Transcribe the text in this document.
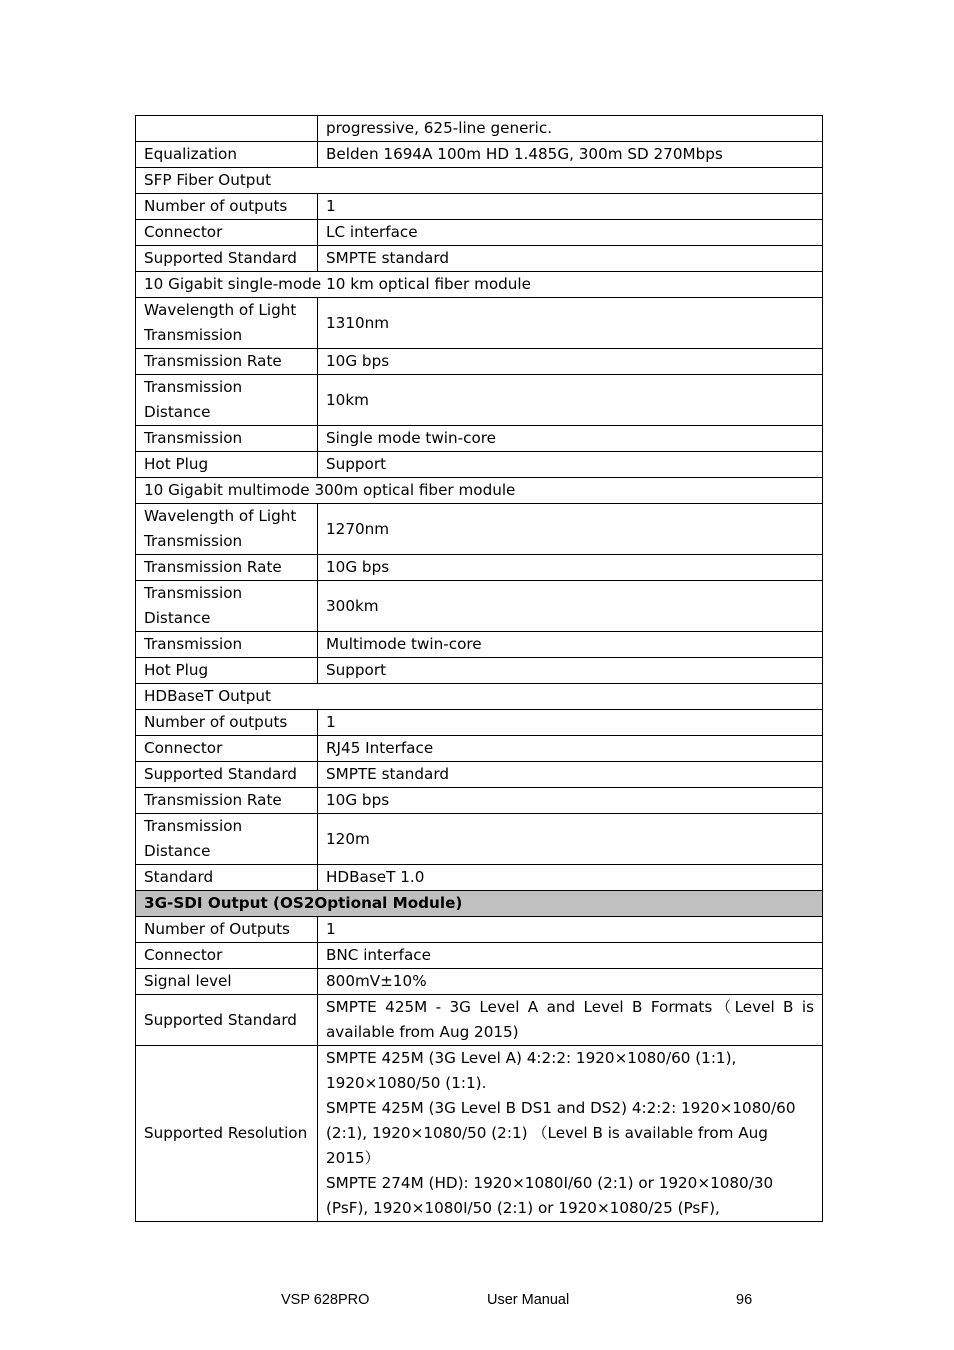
	progressive, 625-line generic.
Equalization	Belden 1694A 100m HD 1.485G, 300m SD 270Mbps
SFP Fiber Output	
Number of outputs	1
Connector	LC interface
Supported Standard	SMPTE standard
10 Gigabit single-mode 10 km optical fiber module	
Wavelength of Light Transmission	1310nm
Transmission Rate	10G bps
Transmission Distance	10km
Transmission	Single mode twin-core
Hot Plug	Support
10 Gigabit multimode 300m optical fiber module	
Wavelength of Light Transmission	1270nm
Transmission Rate	10G bps
Transmission Distance	300km
Transmission	Multimode twin-core
Hot Plug	Support
HDBaseT Output	
Number of outputs	1
Connector	RJ45 Interface
Supported Standard	SMPTE standard
Transmission Rate	10G bps
Transmission Distance	120m
Standard	HDBaseT 1.0
3G-SDI Output (OS2Optional Module)	
Number of Outputs	1
Connector	BNC interface
Signal level	800mV±10%
Supported Standard	SMPTE 425M - 3G Level A and Level B Formats（Level B is available from Aug 2015)
Supported Resolution	SMPTE 425M (3G Level A) 4:2:2: 1920×1080/60 (1:1), 1920×1080/50 (1:1).
SMPTE 425M (3G Level B DS1 and DS2) 4:2:2: 1920×1080/60 (2:1), 1920×1080/50 (2:1) （Level B is available from Aug 2015）
SMPTE 274M (HD): 1920×1080I/60 (2:1) or 1920×1080/30 (PsF), 1920×1080I/50 (2:1) or 1920×1080/25 (PsF),
VSP 628PRO	User Manual	96
